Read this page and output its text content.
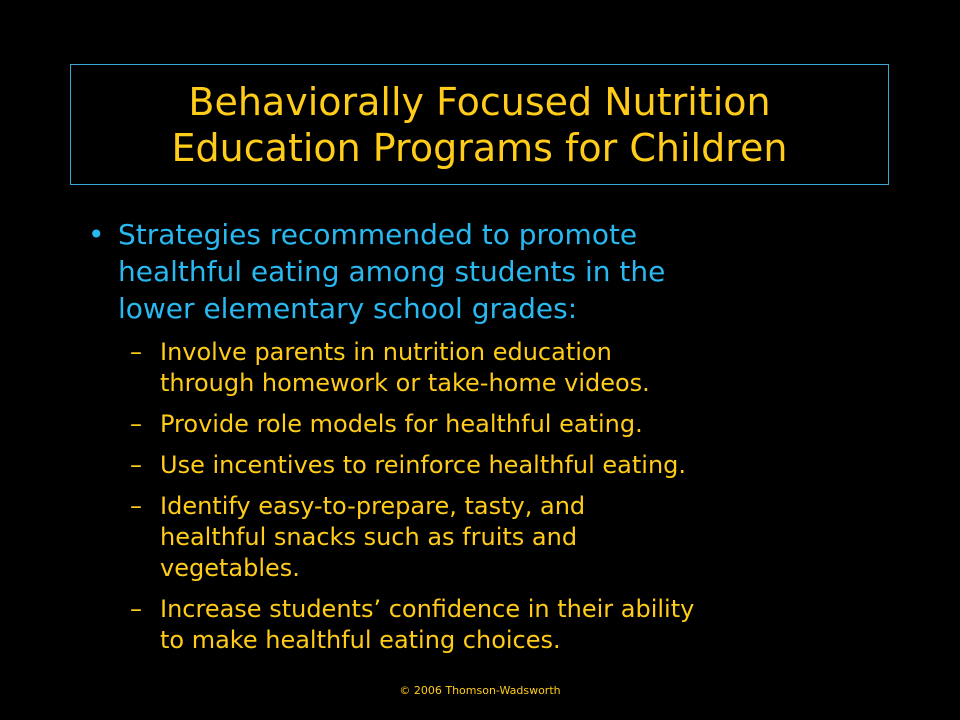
Behaviorally Focused Nutrition
Education Programs for Children
• Strategies recommended to promote
healthful eating among students in the
lower elementary school grades:
– Involve parents in nutrition education
through homework or take-home videos.
– Provide role models for healthful eating.
– Use incentives to reinforce healthful eating.
– Identify easy-to-prepare, tasty, and
healthful snacks such as fruits and
vegetables.
– Increase students’ confidence in their ability
to make healthful eating choices.
© 2006 Thomson-Wadsworth
